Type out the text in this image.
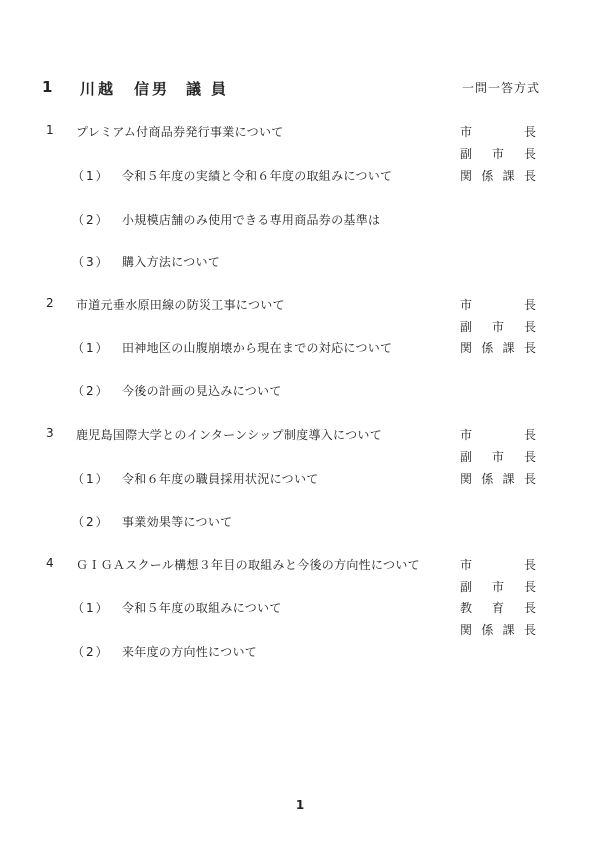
1 川越　信男 議員	一問一答方式
1 プレミアム付商品券発行事業について	市　　長
副 市 長
関係課長
（1） 令和５年度の実績と令和６年度の取組みについて
（2） 小規模店舗のみ使用できる専用商品券の基準は
（3） 購入方法について
2 市道元垂水原田線の防災工事について	市　　長
副 市 長
関係課長
（1） 田神地区の山腹崩壊から現在までの対応について
（2） 今後の計画の見込みについて
3 鹿児島国際大学とのインターンシップ制度導入について	市　　長
副 市 長
関係課長
（1） 令和６年度の職員採用状況について
（2） 事業効果等について
4 ＧＩＧＡスクール構想３年目の取組みと今後の方向性について	市　　長
副 市 長
教 育 長
関係課長
（1） 令和５年度の取組みについて
（2） 来年度の方向性について
1
